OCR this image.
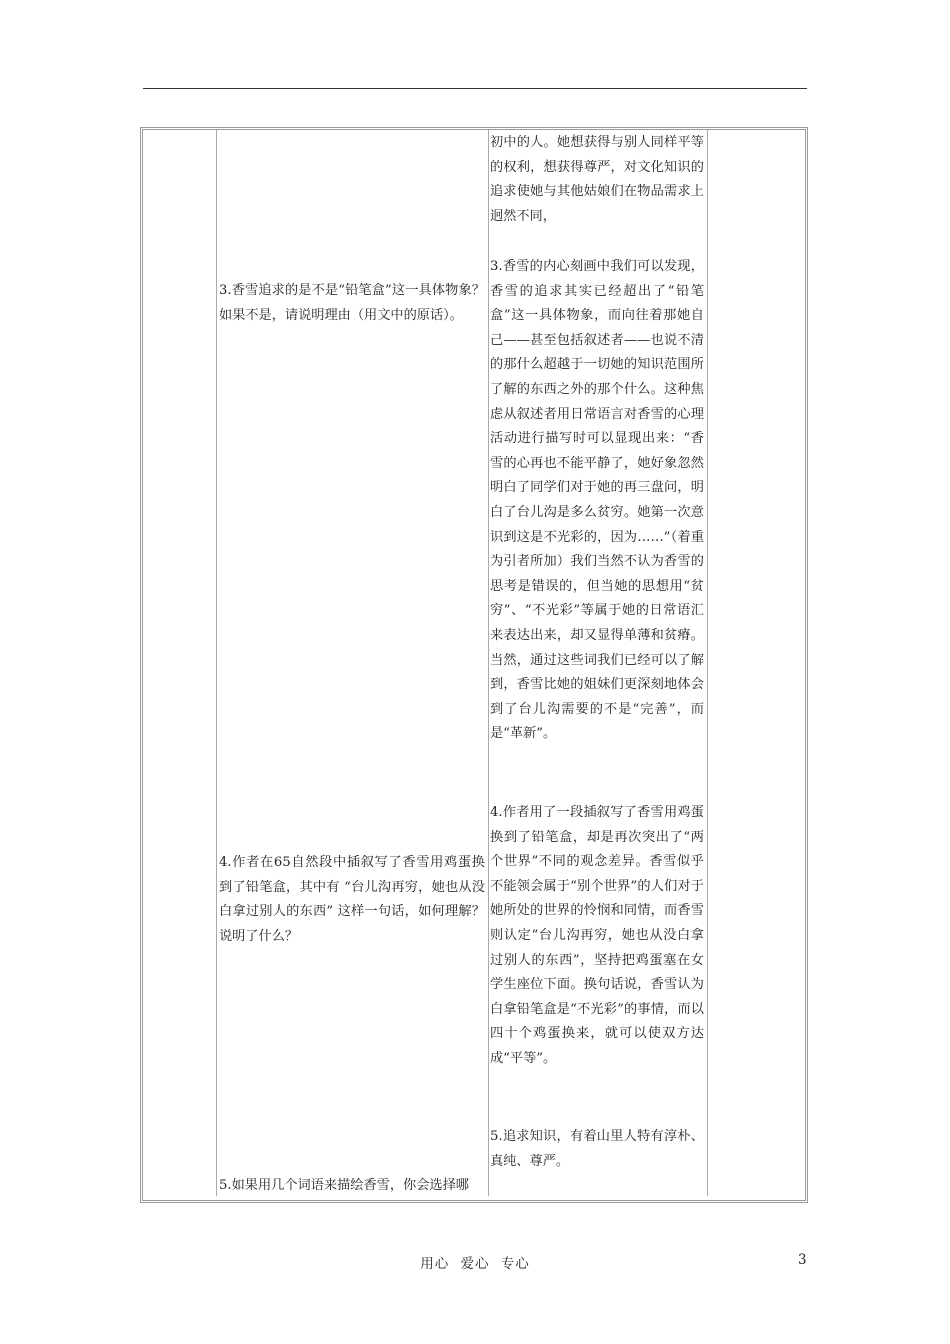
3.香雪追求的是不是“铅笔盒”这一具体物象？如果不是，请说明理由（用文中的原话）。

4.作者在65自然段中插叙写了香雪用鸡蛋换到了铅笔盒，其中有 “台儿沟再穷，她也从没白拿过别人的东西” 这样一句话，如何理解？说明了什么？

5.如果用几个词语来描绘香雪，你会选择哪

初中的人。她想获得与别人同样平等的权利，想获得尊严，对文化知识的追求使她与其他姑娘们在物品需求上迥然不同，

3.香雪的内心刻画中我们可以发现，香雪的追求其实已经超出了“铅笔盒”这一具体物象，而向往着那她自己——甚至包括叙述者——也说不清的那什么超越于一切她的知识范围所了解的东西之外的那个什么。这种焦虑从叙述者用日常语言对香雪的心理活动进行描写时可以显现出来：“香雪的心再也不能平静了，她好象忽然明白了同学们对于她的再三盘问，明白了台儿沟是多么贫穷。她第一次意识到这是不光彩的，因为……”（着重为引者所加）我们当然不认为香雪的思考是错误的，但当她的思想用“贫穷”、“不光彩”等属于她的日常语汇来表达出来，却又显得单薄和贫瘠。当然，通过这些词我们已经可以了解到，香雪比她的姐妹们更深刻地体会到了台儿沟需要的不是“完善”，而是“革新”。

4.作者用了一段插叙写了香雪用鸡蛋换到了铅笔盒，却是再次突出了“两个世界”不同的观念差异。香雪似乎不能领会属于“别个世界”的人们对于她所处的世界的怜悯和同情，而香雪则认定“台儿沟再穷，她也从没白拿过别人的东西”，坚持把鸡蛋塞在女学生座位下面。换句话说，香雪认为白拿铅笔盒是“不光彩”的事情，而以四十个鸡蛋换来，就可以使双方达成“平等”。

5.追求知识，有着山里人特有淳朴、真纯、尊严。

用心 爱心 专心	3
